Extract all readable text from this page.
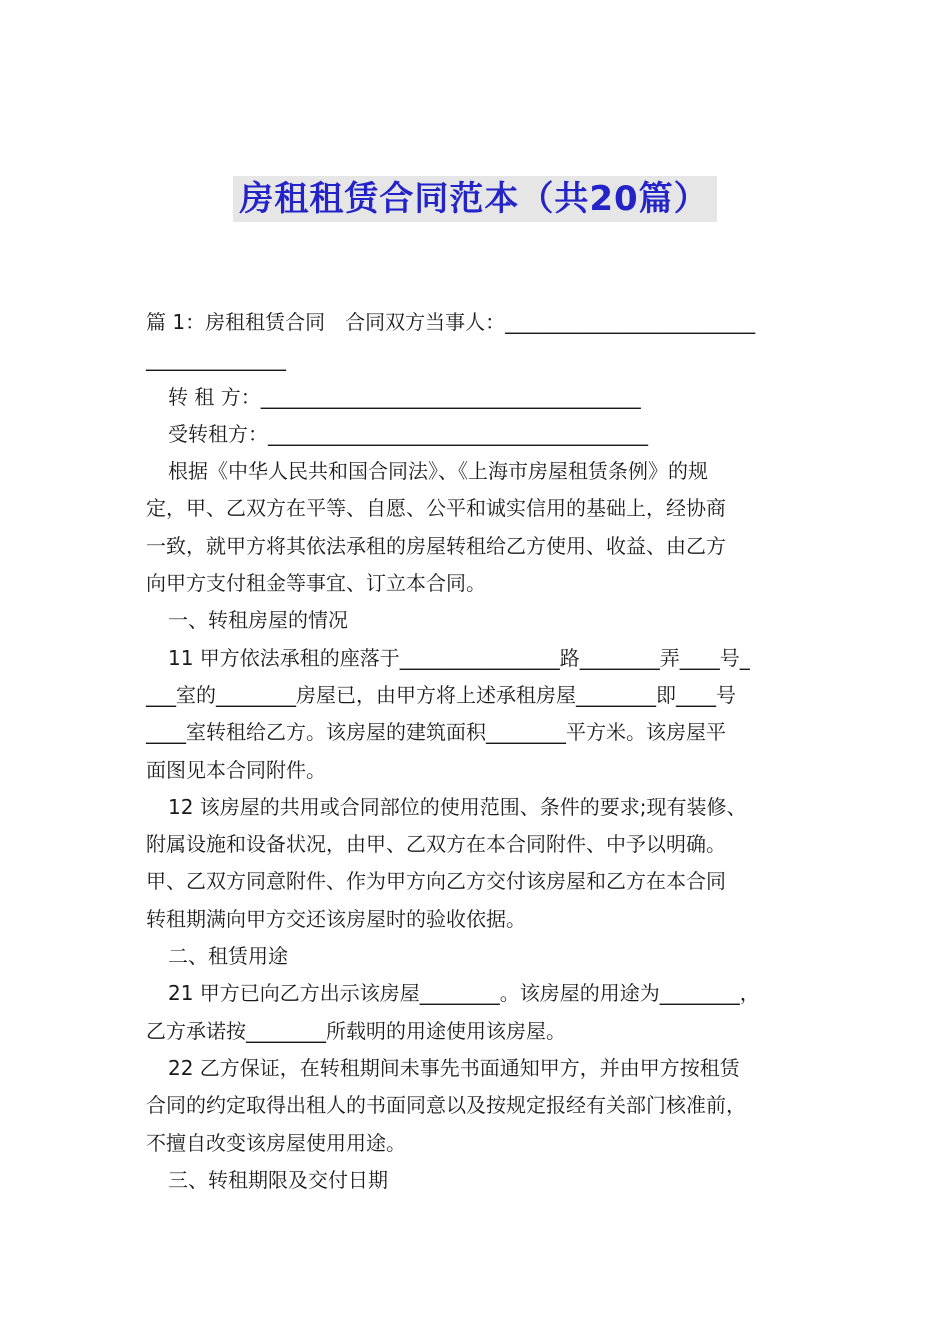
房租租赁合同范本（共20篇）

篇 1：房租租赁合同　合同双方当事人：_________________________

______________

转 租 方：______________________________________

受转租方：______________________________________

根据《中华人民共和国合同法》、《上海市房屋租赁条例》的规

定，甲、乙双方在平等、自愿、公平和诚实信用的基础上，经协商

一致，就甲方将其依法承租的房屋转租给乙方使用、收益、由乙方

向甲方支付租金等事宜、订立本合同。

一、转租房屋的情况

11 甲方依法承租的座落于________________路________弄____号_

___室的________房屋已，由甲方将上述承租房屋________即____号

____室转租给乙方。该房屋的建筑面积________平方米。该房屋平

面图见本合同附件。

12 该房屋的共用或合同部位的使用范围、条件的要求;现有装修、

附属设施和设备状况，由甲、乙双方在本合同附件、中予以明确。

甲、乙双方同意附件、作为甲方向乙方交付该房屋和乙方在本合同

转租期满向甲方交还该房屋时的验收依据。

二、租赁用途

21 甲方已向乙方出示该房屋________。该房屋的用途为________，

乙方承诺按________所载明的用途使用该房屋。

22 乙方保证，在转租期间未事先书面通知甲方，并由甲方按租赁

合同的约定取得出租人的书面同意以及按规定报经有关部门核准前，

不擅自改变该房屋使用用途。

三、转租期限及交付日期
